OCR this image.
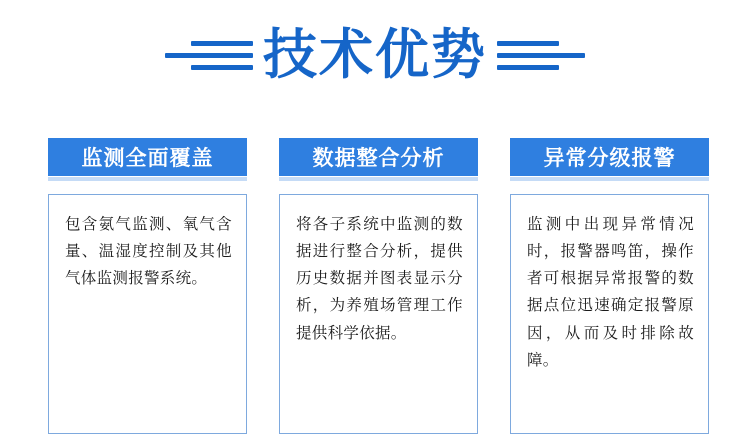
技术优势
监测全面覆盖
包含氨气监测、氧气含量、温湿度控制及其他气体监测报警系统。
数据整合分析
将各子系统中监测的数据进行整合分析，提供历史数据并图表显示分析，为养殖场管理工作提供科学依据。
异常分级报警
监测中出现异常情况时，报警器鸣笛，操作者可根据异常报警的数据点位迅速确定报警原因，从而及时排除故障。
